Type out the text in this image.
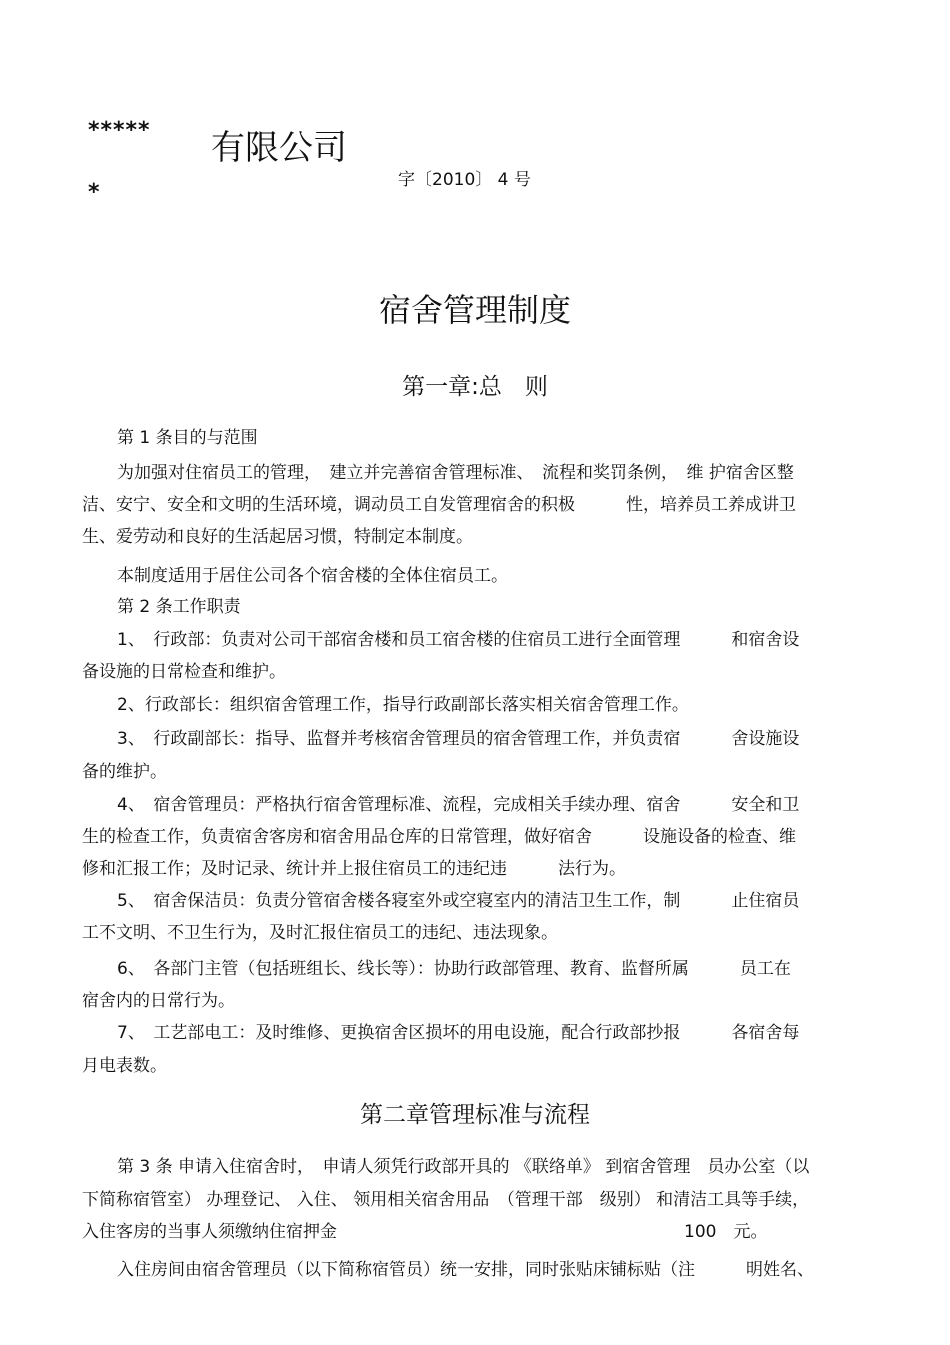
*****
*
有限公司
字〔2010〕 4 号
宿舍管理制度
第一章:总　则
第 1 条目的与范围
为加强对住宿员工的管理，　建立并完善宿舍管理标准、　流程和奖罚条例，　维 护宿舍区整
洁、安宁、安全和文明的生活环境，调动员工自发管理宿舍的积极　　　性，培养员工养成讲卫
生、爱劳动和良好的生活起居习惯，特制定本制度。
本制度适用于居住公司各个宿舍楼的全体住宿员工。
第 2 条工作职责
1、　行政部：负责对公司干部宿舍楼和员工宿舍楼的住宿员工进行全面管理　　　和宿舍设
备设施的日常检查和维护。
2、行政部长：组织宿舍管理工作，指导行政副部长落实相关宿舍管理工作。
3、　行政副部长：指导、监督并考核宿舍管理员的宿舍管理工作，并负责宿　　　舍设施设
备的维护。
4、　宿舍管理员：严格执行宿舍管理标准、流程，完成相关手续办理、宿舍　　　安全和卫
生的检查工作，负责宿舍客房和宿舍用品仓库的日常管理，做好宿舍　　　设施设备的检查、维
修和汇报工作；及时记录、统计并上报住宿员工的违纪违　　　法行为。
5、　宿舍保洁员：负责分管宿舍楼各寝室外或空寝室内的清洁卫生工作，制　　　止住宿员
工不文明、不卫生行为，及时汇报住宿员工的违纪、违法现象。
6、　各部门主管（包括班组长、线长等）：协助行政部管理、教育、监督所属　　　员工在
宿舍内的日常行为。
7、　工艺部电工：及时维修、更换宿舍区损坏的用电设施，配合行政部抄报　　　各宿舍每
月电表数。
第二章管理标准与流程
第 3 条 申请入住宿舍时，　申请人须凭行政部开具的 《联络单》 到宿舍管理　员办公室（以
下简称宿管室） 办理登记、 入住、 领用相关宿舍用品　（管理干部　级别） 和清洁工具等手续，
入住客房的当事人须缴纳住宿押金	100　元。
入住房间由宿舍管理员（以下简称宿管员）统一安排，同时张贴床铺标贴（注　　　明姓名、
